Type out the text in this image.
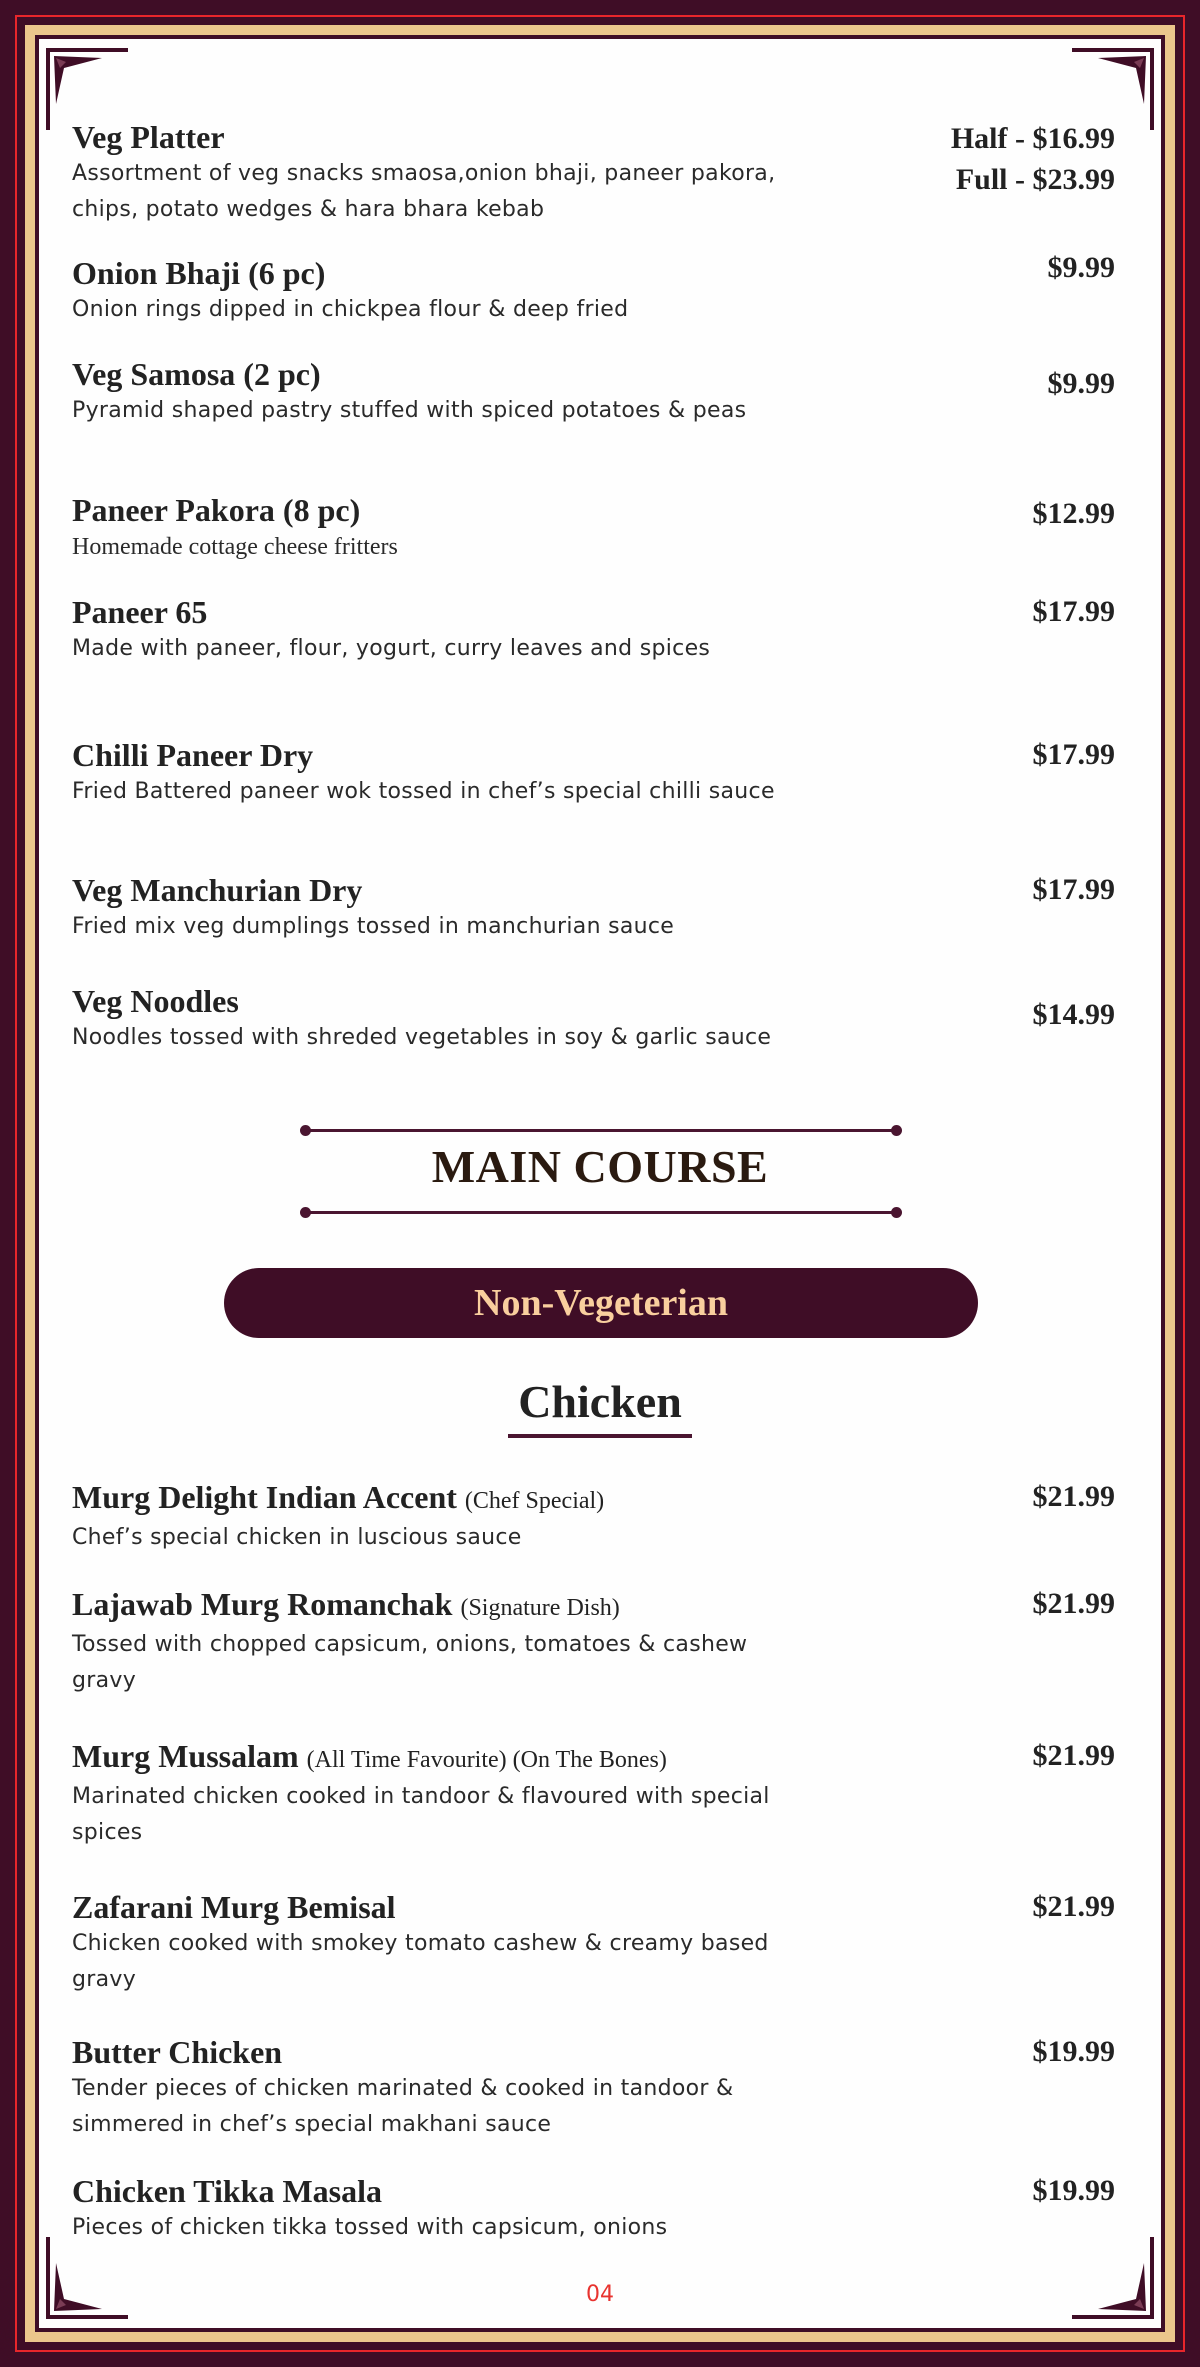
Veg Platter
Assortment of veg snacks smaosa,onion bhaji, paneer pakora, chips, potato wedges & hara bhara kebab
Half - $16.99
Full - $23.99
Onion Bhaji (6 pc)
Onion rings dipped in chickpea flour & deep fried
$9.99
Veg Samosa (2 pc)
Pyramid shaped pastry stuffed with spiced potatoes & peas
$9.99
Paneer Pakora (8 pc)
Homemade cottage cheese fritters
$12.99
Paneer 65
Made with paneer, flour, yogurt, curry leaves and spices
$17.99
Chilli Paneer Dry
Fried Battered paneer wok tossed in chef’s special chilli sauce
$17.99
Veg Manchurian Dry
Fried mix veg dumplings tossed in manchurian sauce
$17.99
Veg Noodles
Noodles tossed with shreded vegetables in soy & garlic sauce
$14.99
MAIN COURSE
Non-Vegeterian
Chicken
Murg Delight Indian Accent (Chef Special)
Chef’s special chicken in luscious sauce
$21.99
Lajawab Murg Romanchak (Signature Dish)
Tossed with chopped capsicum, onions, tomatoes & cashew gravy
$21.99
Murg Mussalam (All Time Favourite) (On The Bones)
Marinated chicken cooked in tandoor & flavoured with special spices
$21.99
Zafarani Murg Bemisal
Chicken cooked with smokey tomato cashew & creamy based gravy
$21.99
Butter Chicken
Tender pieces of chicken marinated & cooked in tandoor & simmered in chef’s special makhani sauce
$19.99
Chicken Tikka Masala
Pieces of chicken tikka tossed with capsicum, onions
$19.99
04
